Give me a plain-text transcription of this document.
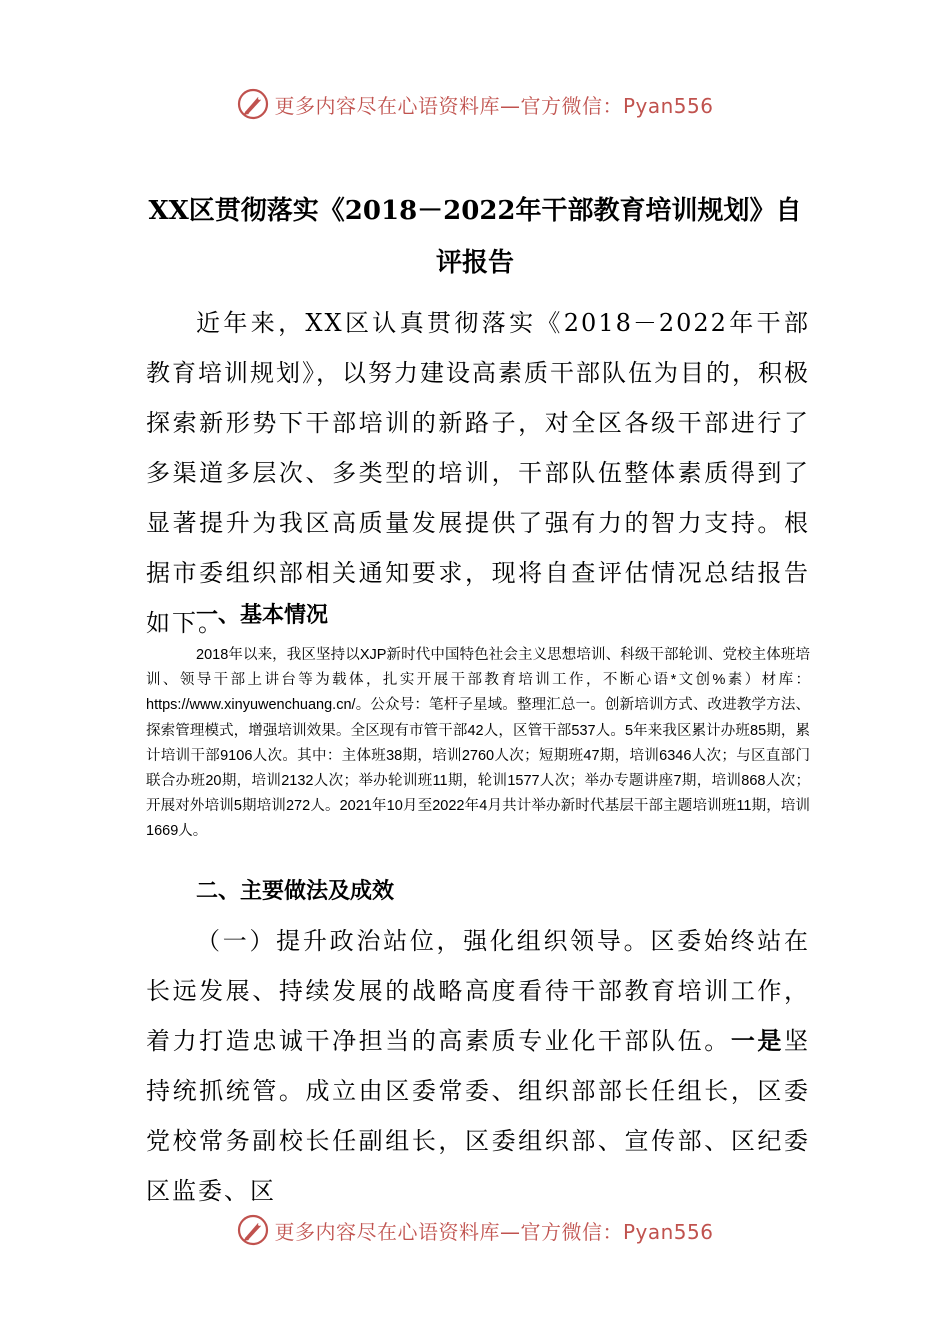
更多内容尽在心语资料库—官方微信：Pyan556
XX区贯彻落实《2018－2022年干部教育培训规划》自评报告

近年来，XX区认真贯彻落实《2018－2022年干部教育培训规划》，以努力建设高素质干部队伍为目的，积极探索新形势下干部培训的新路子，对全区各级干部进行了多渠道多层次、多类型的培训，干部队伍整体素质得到了显著提升为我区高质量发展提供了强有力的智力支持。根据市委组织部相关通知要求，现将自查评估情况总结报告如下。

一、基本情况

2018年以来，我区坚持以XJP新时代中国特色社会主义思想培训、科级干部轮训、党校主体班培训、领导干部上讲台等为载体，扎实开展干部教育培训工作，不断心语*文创%素）材库：https://www.xinyuwenchuang.cn/。公众号：笔杆子星域。整理汇总一。创新培训方式、改进教学方法、探索管理模式，增强培训效果。全区现有市管干部42人，区管干部537人。5年来我区累计办班85期，累计培训干部9106人次。其中：主体班38期，培训2760人次；短期班47期，培训6346人次；与区直部门联合办班20期，培训2132人次；举办轮训班11期，轮训1577人次；举办专题讲座7期，培训868人次；开展对外培训5期培训272人。2021年10月至2022年4月共计举办新时代基层干部主题培训班11期，培训1669人。

二、主要做法及成效

（一）提升政治站位，强化组织领导。区委始终站在长远发展、持续发展的战略高度看待干部教育培训工作，着力打造忠诚干净担当的高素质专业化干部队伍。一是坚持统抓统管。成立由区委常委、组织部部长任组长，区委党校常务副校长任副组长，区委组织部、宣传部、区纪委区监委、区

更多内容尽在心语资料库—官方微信：Pyan556
